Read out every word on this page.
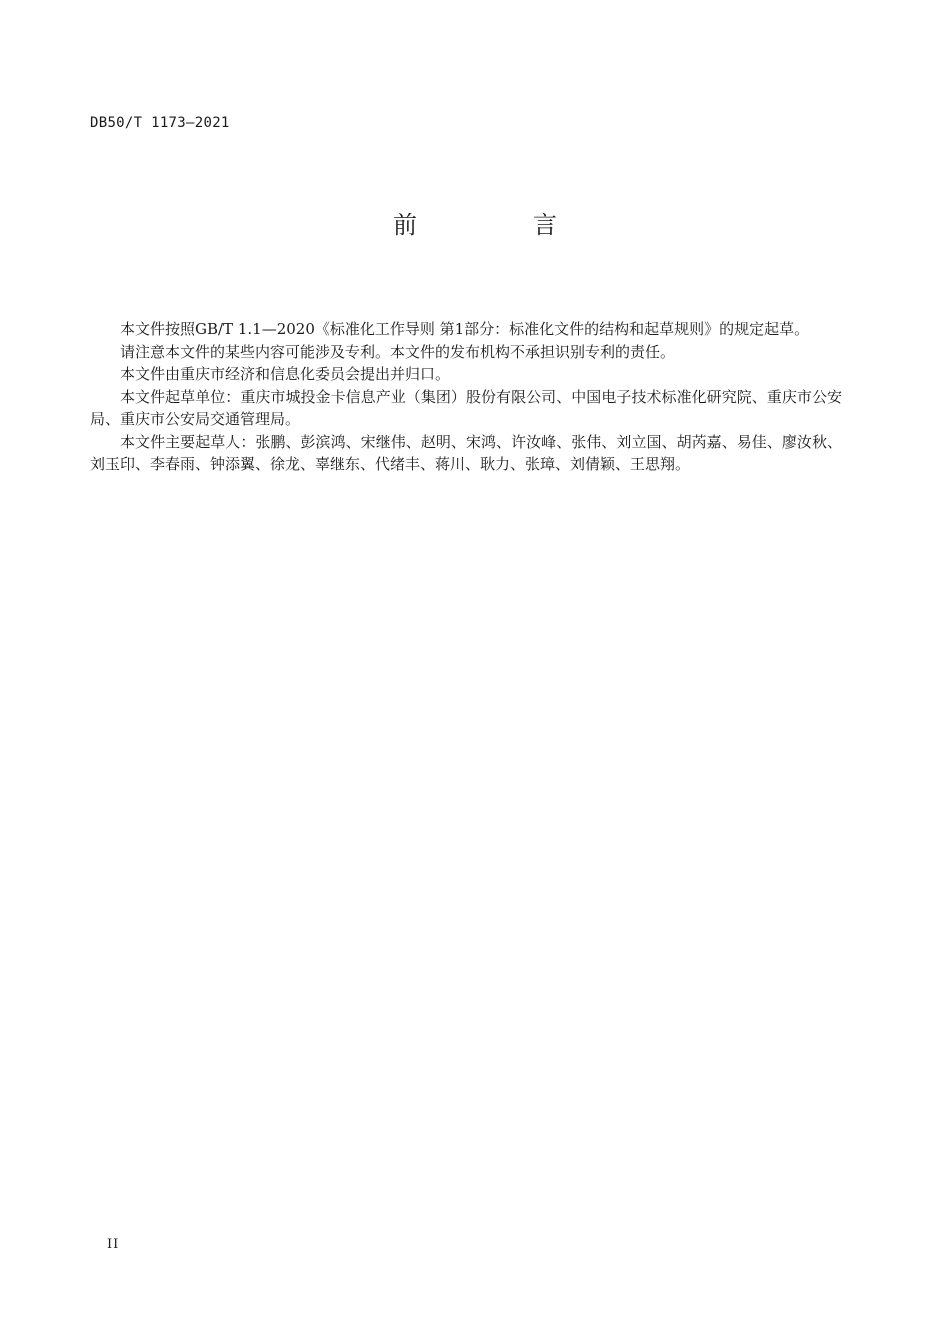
DB50/T 1173—2021
前　言

本文件按照GB/T 1.1—2020《标准化工作导则 第1部分：标准化文件的结构和起草规则》的规定起草。

请注意本文件的某些内容可能涉及专利。本文件的发布机构不承担识别专利的责任。

本文件由重庆市经济和信息化委员会提出并归口。

本文件起草单位：重庆市城投金卡信息产业（集团）股份有限公司、中国电子技术标准化研究院、重庆市公安局、重庆市公安局交通管理局。

本文件主要起草人：张鹏、彭滨鸿、宋继伟、赵明、宋鸿、许汝峰、张伟、刘立国、胡芮嘉、易佳、廖汝秋、刘玉印、李春雨、钟添翼、徐龙、辜继东、代绪丰、蒋川、耿力、张璋、刘倩颖、王思翔。

II
